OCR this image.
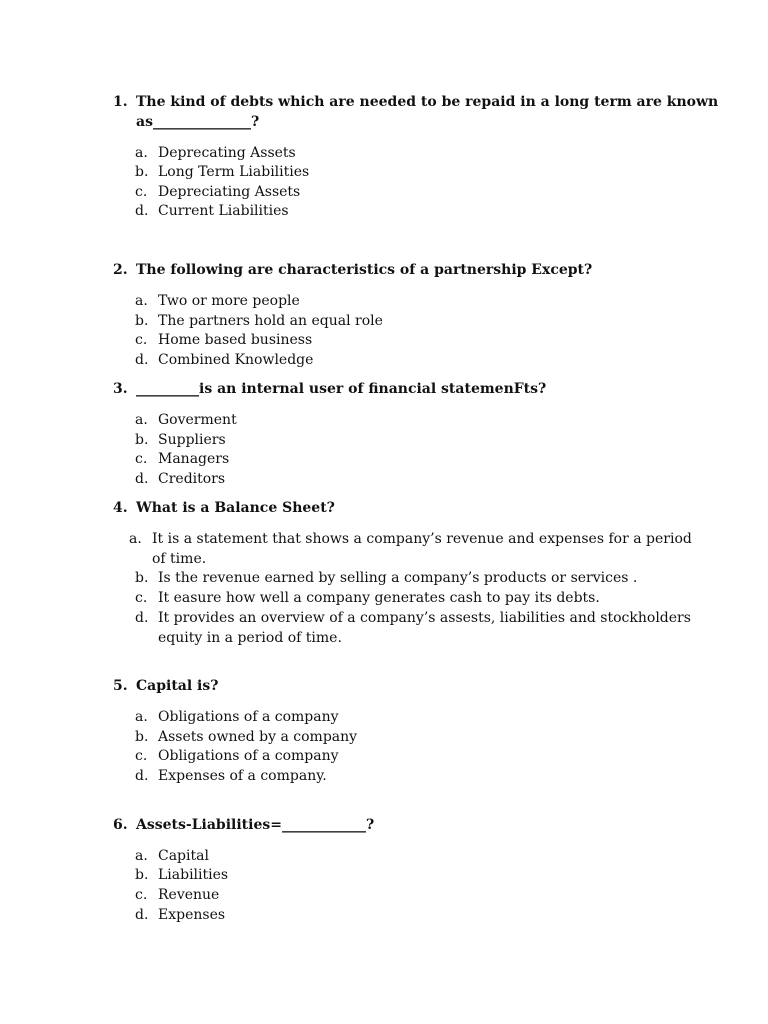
1. The kind of debts which are needed to be repaid in a long term are known
as______________?
a. Deprecating Assets
b. Long Term Liabilities
c. Depreciating Assets
d. Current Liabilities
2. The following are characteristics of a partnership Except?
a. Two or more people
b. The partners hold an equal role
c. Home based business
d. Combined Knowledge
3. _________is an internal user of financial statemenFts?
a. Goverment
b. Suppliers
c. Managers
d. Creditors
4. What is a Balance Sheet?
a. It is a statement that shows a company’s revenue and expenses for a period
of time.
b. Is the revenue earned by selling a company’s products or services .
c. It easure how well a company generates cash to pay its debts.
d. It provides an overview of a company’s assests, liabilities and stockholders
equity in a period of time.
5. Capital is?
a. Obligations of a company
b. Assets owned by a company
c. Obligations of a company
d. Expenses of a company.
6. Assets-Liabilities=____________?
a. Capital
b. Liabilities
c. Revenue
d. Expenses
